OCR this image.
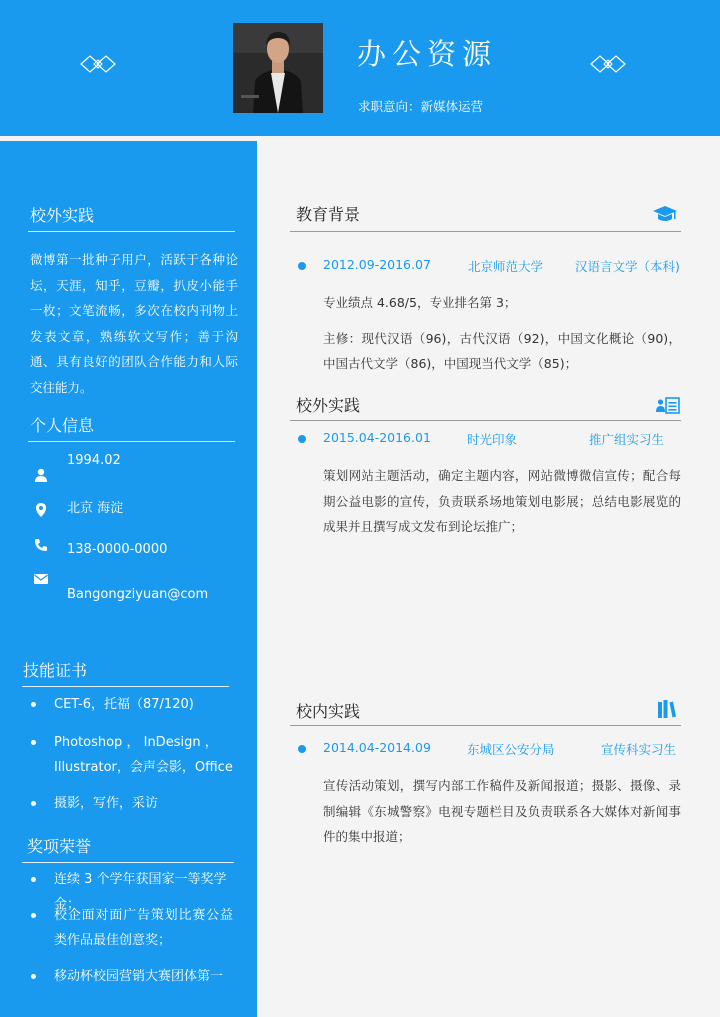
办公资源
求职意向：新媒体运营
校外实践
微博第一批种子用户，活跃于各种论坛，天涯，知乎，豆瓣，扒皮小能手一枚；文笔流畅，多次在校内刊物上发表文章，熟练软文写作；善于沟通、具有良好的团队合作能力和人际交往能力。
个人信息
1994.02
北京 海淀
138-0000-0000
Bangongziyuan@com
技能证书
CET-6，托福（87/120)
Photoshop ， InDesign ，
Illustrator，会声会影，Office
摄影，写作，采访
奖项荣誉
连续 3 个学年获国家一等奖学金；
校企面对面广告策划比赛公益类作品最佳创意奖；
移动杯校园营销大赛团体第一
教育背景
2012.09-2016.07	北京师范大学	汉语言文学（本科)

专业绩点 4.68/5，专业排名第 3；

主修：现代汉语（96)，古代汉语（92)，中国文化概论（90)，中国古代文学（86)，中国现当代文学（85)；

校外实践
2015.04-2016.01	时光印象	推广组实习生

策划网站主题活动，确定主题内容，网站微博微信宣传；配合每期公益电影的宣传，负责联系场地策划电影展；总结电影展览的成果并且撰写成文发布到论坛推广；

校内实践
2014.04-2014.09	东城区公安分局	宣传科实习生

宣传活动策划，撰写内部工作稿件及新闻报道；摄影、摄像、录制编辑《东城警察》电视专题栏目及负责联系各大媒体对新闻事件的集中报道；
